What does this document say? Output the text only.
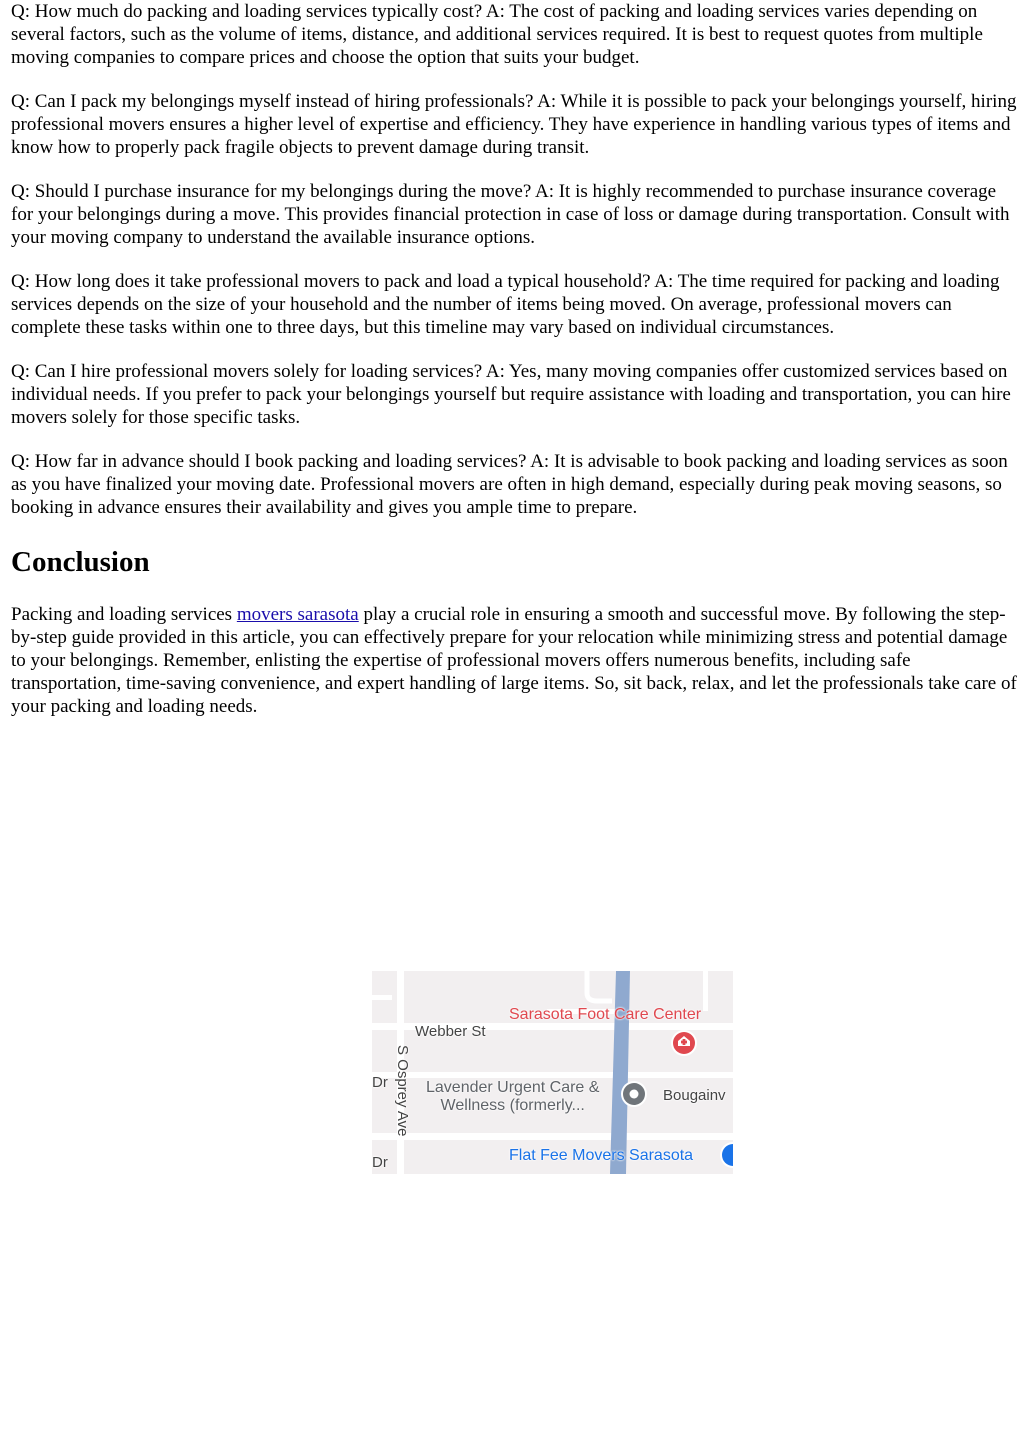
Q: How much do packing and loading services typically cost? A: The cost of packing and loading services varies depending on several factors, such as the volume of items, distance, and additional services required. It is best to request quotes from multiple moving companies to compare prices and choose the option that suits your budget.

Q: Can I pack my belongings myself instead of hiring professionals? A: While it is possible to pack your belongings yourself, hiring professional movers ensures a higher level of expertise and efficiency. They have experience in handling various types of items and know how to properly pack fragile objects to prevent damage during transit.

Q: Should I purchase insurance for my belongings during the move? A: It is highly recommended to purchase insurance coverage for your belongings during a move. This provides financial protection in case of loss or damage during transportation. Consult with your moving company to understand the available insurance options.

Q: How long does it take professional movers to pack and load a typical household? A: The time required for packing and loading services depends on the size of your household and the number of items being moved. On average, professional movers can complete these tasks within one to three days, but this timeline may vary based on individual circumstances.

Q: Can I hire professional movers solely for loading services? A: Yes, many moving companies offer customized services based on individual needs. If you prefer to pack your belongings yourself but require assistance with loading and transportation, you can hire movers solely for those specific tasks.

Q: How far in advance should I book packing and loading services? A: It is advisable to book packing and loading services as soon as you have finalized your moving date. Professional movers are often in high demand, especially during peak moving seasons, so booking in advance ensures their availability and gives you ample time to prepare.

Conclusion

Packing and loading services movers sarasota play a crucial role in ensuring a smooth and successful move. By following the step-by-step guide provided in this article, you can effectively prepare for your relocation while minimizing stress and potential damage to your belongings. Remember, enlisting the expertise of professional movers offers numerous benefits, including safe transportation, time-saving convenience, and expert handling of large items. So, sit back, relax, and let the professionals take care of your packing and loading needs.

Sarasota Foot Care Center
Webber St
Dr Lavender Urgent Care &
Wellness (formerly...
Bougainv
S Osprey Ave
Flat Fee Movers Sarasota
Dr
